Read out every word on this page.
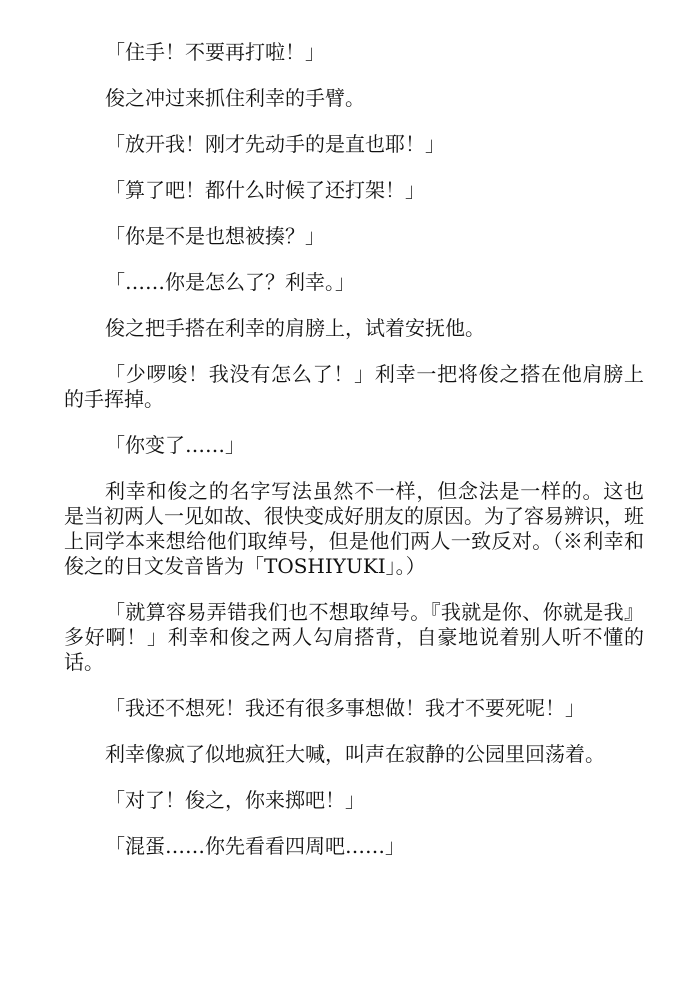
「住手！不要再打啦！」

俊之冲过来抓住利幸的手臂。

「放开我！刚才先动手的是直也耶！」

「算了吧！都什么时候了还打架！」

「你是不是也想被揍？」

「……你是怎么了？利幸。」

俊之把手搭在利幸的肩膀上，试着安抚他。

「少啰唆！我没有怎么了！」利幸一把将俊之搭在他肩膀上的手挥掉。

「你变了……」

利幸和俊之的名字写法虽然不一样，但念法是一样的。这也是当初两人一见如故、很快变成好朋友的原因。为了容易辨识，班上同学本来想给他们取绰号，但是他们两人一致反对。（※利幸和俊之的日文发音皆为「TOSHIYUKI」。）

「就算容易弄错我们也不想取绰号。『我就是你、你就是我』多好啊！」利幸和俊之两人勾肩搭背，自豪地说着别人听不懂的话。

「我还不想死！我还有很多事想做！我才不要死呢！」

利幸像疯了似地疯狂大喊，叫声在寂静的公园里回荡着。

「对了！俊之，你来掷吧！」

「混蛋……你先看看四周吧……」
